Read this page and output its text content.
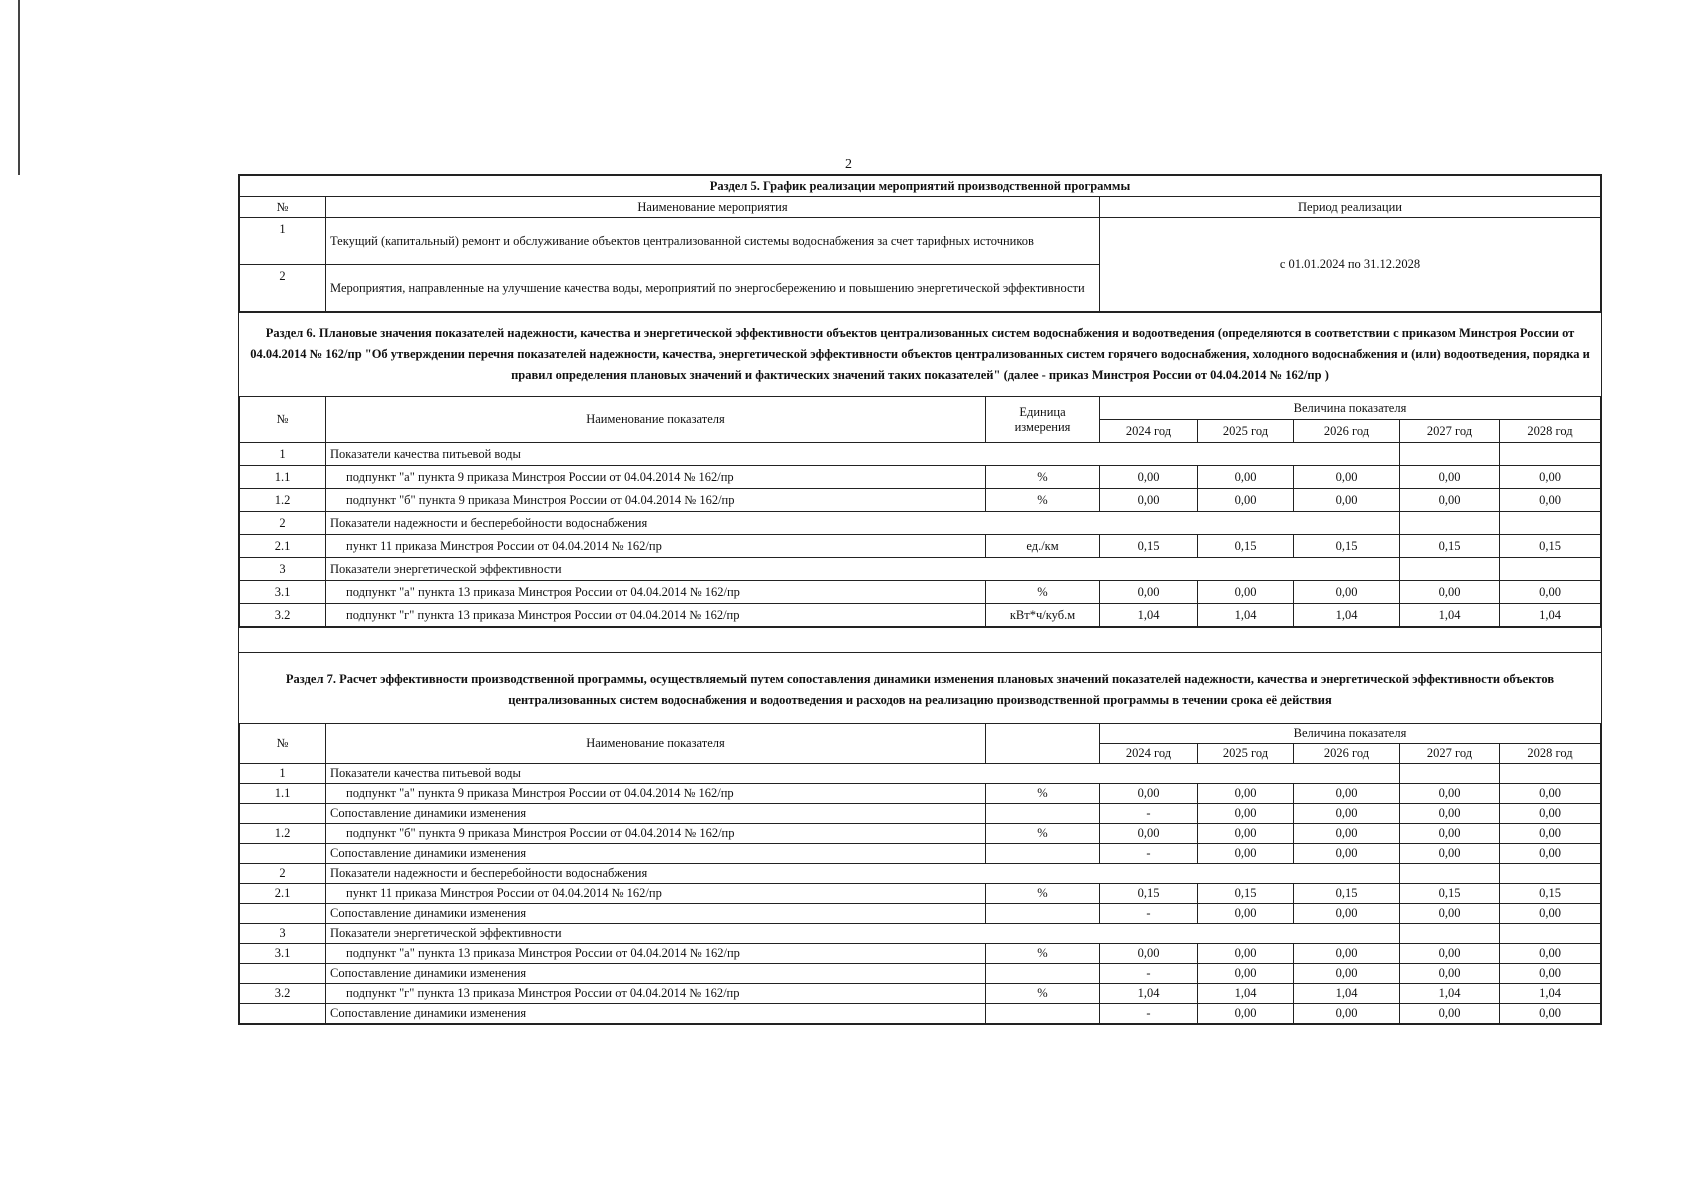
2
Раздел 5. График реализации мероприятий производственной программы		
№	Наименование мероприятия	Период реализации
1	Текущий (капитальный) ремонт и обслуживание объектов централизованной системы водоснабжения за счет тарифных источников	с 01.01.2024 по 31.12.2028
2	Мероприятия, направленные на улучшение качества воды, мероприятий по энергосбережению и повышению энергетической эффективности	
Раздел 6. Плановые значения показателей надежности, качества и энергетической эффективности объектов централизованных систем водоснабжения и водоотведения (определяются в соответствии с приказом Минстроя России от 04.04.2014 № 162/пр "Об утверждении перечня показателей надежности, качества, энергетической эффективности объектов централизованных систем горячего водоснабжения, холодного водоснабжения и (или) водоотведения, порядка и правил определения плановых значений и фактических значений таких показателей" (далее - приказ Минстроя России от 04.04.2014 № 162/пр )
№	Наименование показателя	Единица измерения	Величина показателя				
			2024 год	2025 год	2026 год	2027 год	2028 год
1	Показатели качества питьевой воды						
1.1	подпункт "а" пункта 9 приказа Минстроя России от 04.04.2014 № 162/пр	%	0,00	0,00	0,00	0,00	0,00
1.2	подпункт "б" пункта 9 приказа Минстроя России от 04.04.2014 № 162/пр	%	0,00	0,00	0,00	0,00	0,00
2	Показатели надежности и бесперебойности водоснабжения						
2.1	пункт 11 приказа Минстроя России от 04.04.2014 № 162/пр	ед./км	0,15	0,15	0,15	0,15	0,15
3	Показатели энергетической эффективности						
3.1	подпункт "а" пункта 13 приказа Минстроя России от 04.04.2014 № 162/пр	%	0,00	0,00	0,00	0,00	0,00
3.2	подпункт "г" пункта 13 приказа Минстроя России от 04.04.2014 № 162/пр	кВт*ч/куб.м	1,04	1,04	1,04	1,04	1,04
Раздел 7. Расчет эффективности производственной программы, осуществляемый путем сопоставления динамики изменения плановых значений показателей надежности, качества и энергетической эффективности объектов централизованных систем водоснабжения и водоотведения и расходов на реализацию производственной программы в течении срока её действия
№	Наименование показателя		Величина показателя				
			2024 год	2025 год	2026 год	2027 год	2028 год
1	Показатели качества питьевой воды						
1.1	подпункт "а" пункта 9 приказа Минстроя России от 04.04.2014 № 162/пр	%	0,00	0,00	0,00	0,00	0,00
	Сопоставление динамики изменения		-	0,00	0,00	0,00	0,00
1.2	подпункт "б" пункта 9 приказа Минстроя России от 04.04.2014 № 162/пр	%	0,00	0,00	0,00	0,00	0,00
	Сопоставление динамики изменения		-	0,00	0,00	0,00	0,00
2	Показатели надежности и бесперебойности водоснабжения						
2.1	пункт 11 приказа Минстроя России от 04.04.2014 № 162/пр	%	0,15	0,15	0,15	0,15	0,15
	Сопоставление динамики изменения		-	0,00	0,00	0,00	0,00
3	Показатели энергетической эффективности						
3.1	подпункт "а" пункта 13 приказа Минстроя России от 04.04.2014 № 162/пр	%	0,00	0,00	0,00	0,00	0,00
	Сопоставление динамики изменения		-	0,00	0,00	0,00	0,00
3.2	подпункт "г" пункта 13 приказа Минстроя России от 04.04.2014 № 162/пр	%	1,04	1,04	1,04	1,04	1,04
	Сопоставление динамики изменения		-	0,00	0,00	0,00	0,00
